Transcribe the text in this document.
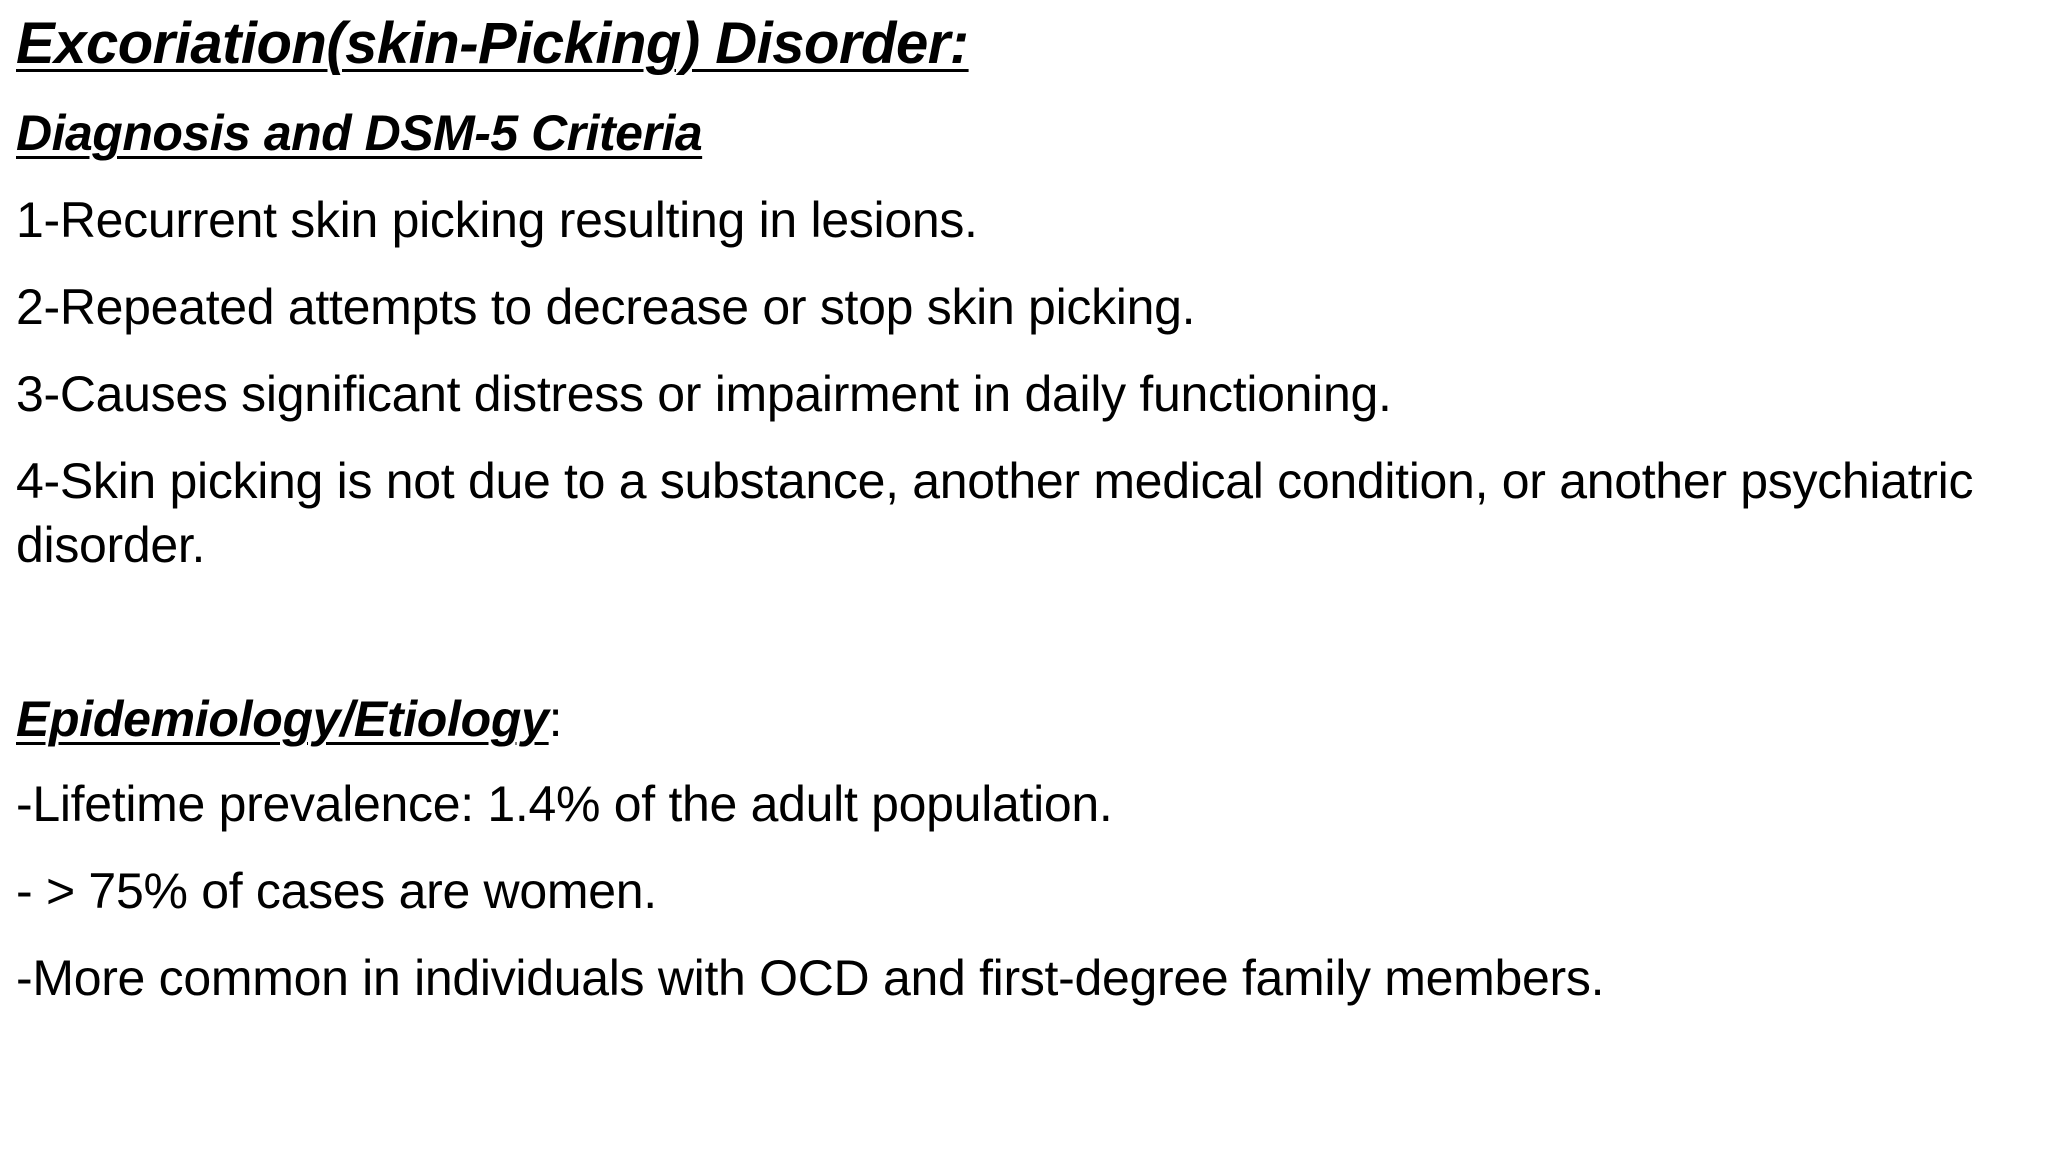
Excoriation(skin-Picking) Disorder:
Diagnosis and DSM-5 Criteria
1-Recurrent skin picking resulting in lesions.
2-Repeated attempts to decrease or stop skin picking.
3-Causes significant distress or impairment in daily functioning.
4-Skin picking is not due to a substance, another medical condition, or another psychiatric disorder.
Epidemiology/Etiology:
-Lifetime prevalence: 1.4% of the adult population.
- > 75% of cases are women.
-More common in individuals with OCD and first-degree family members.
